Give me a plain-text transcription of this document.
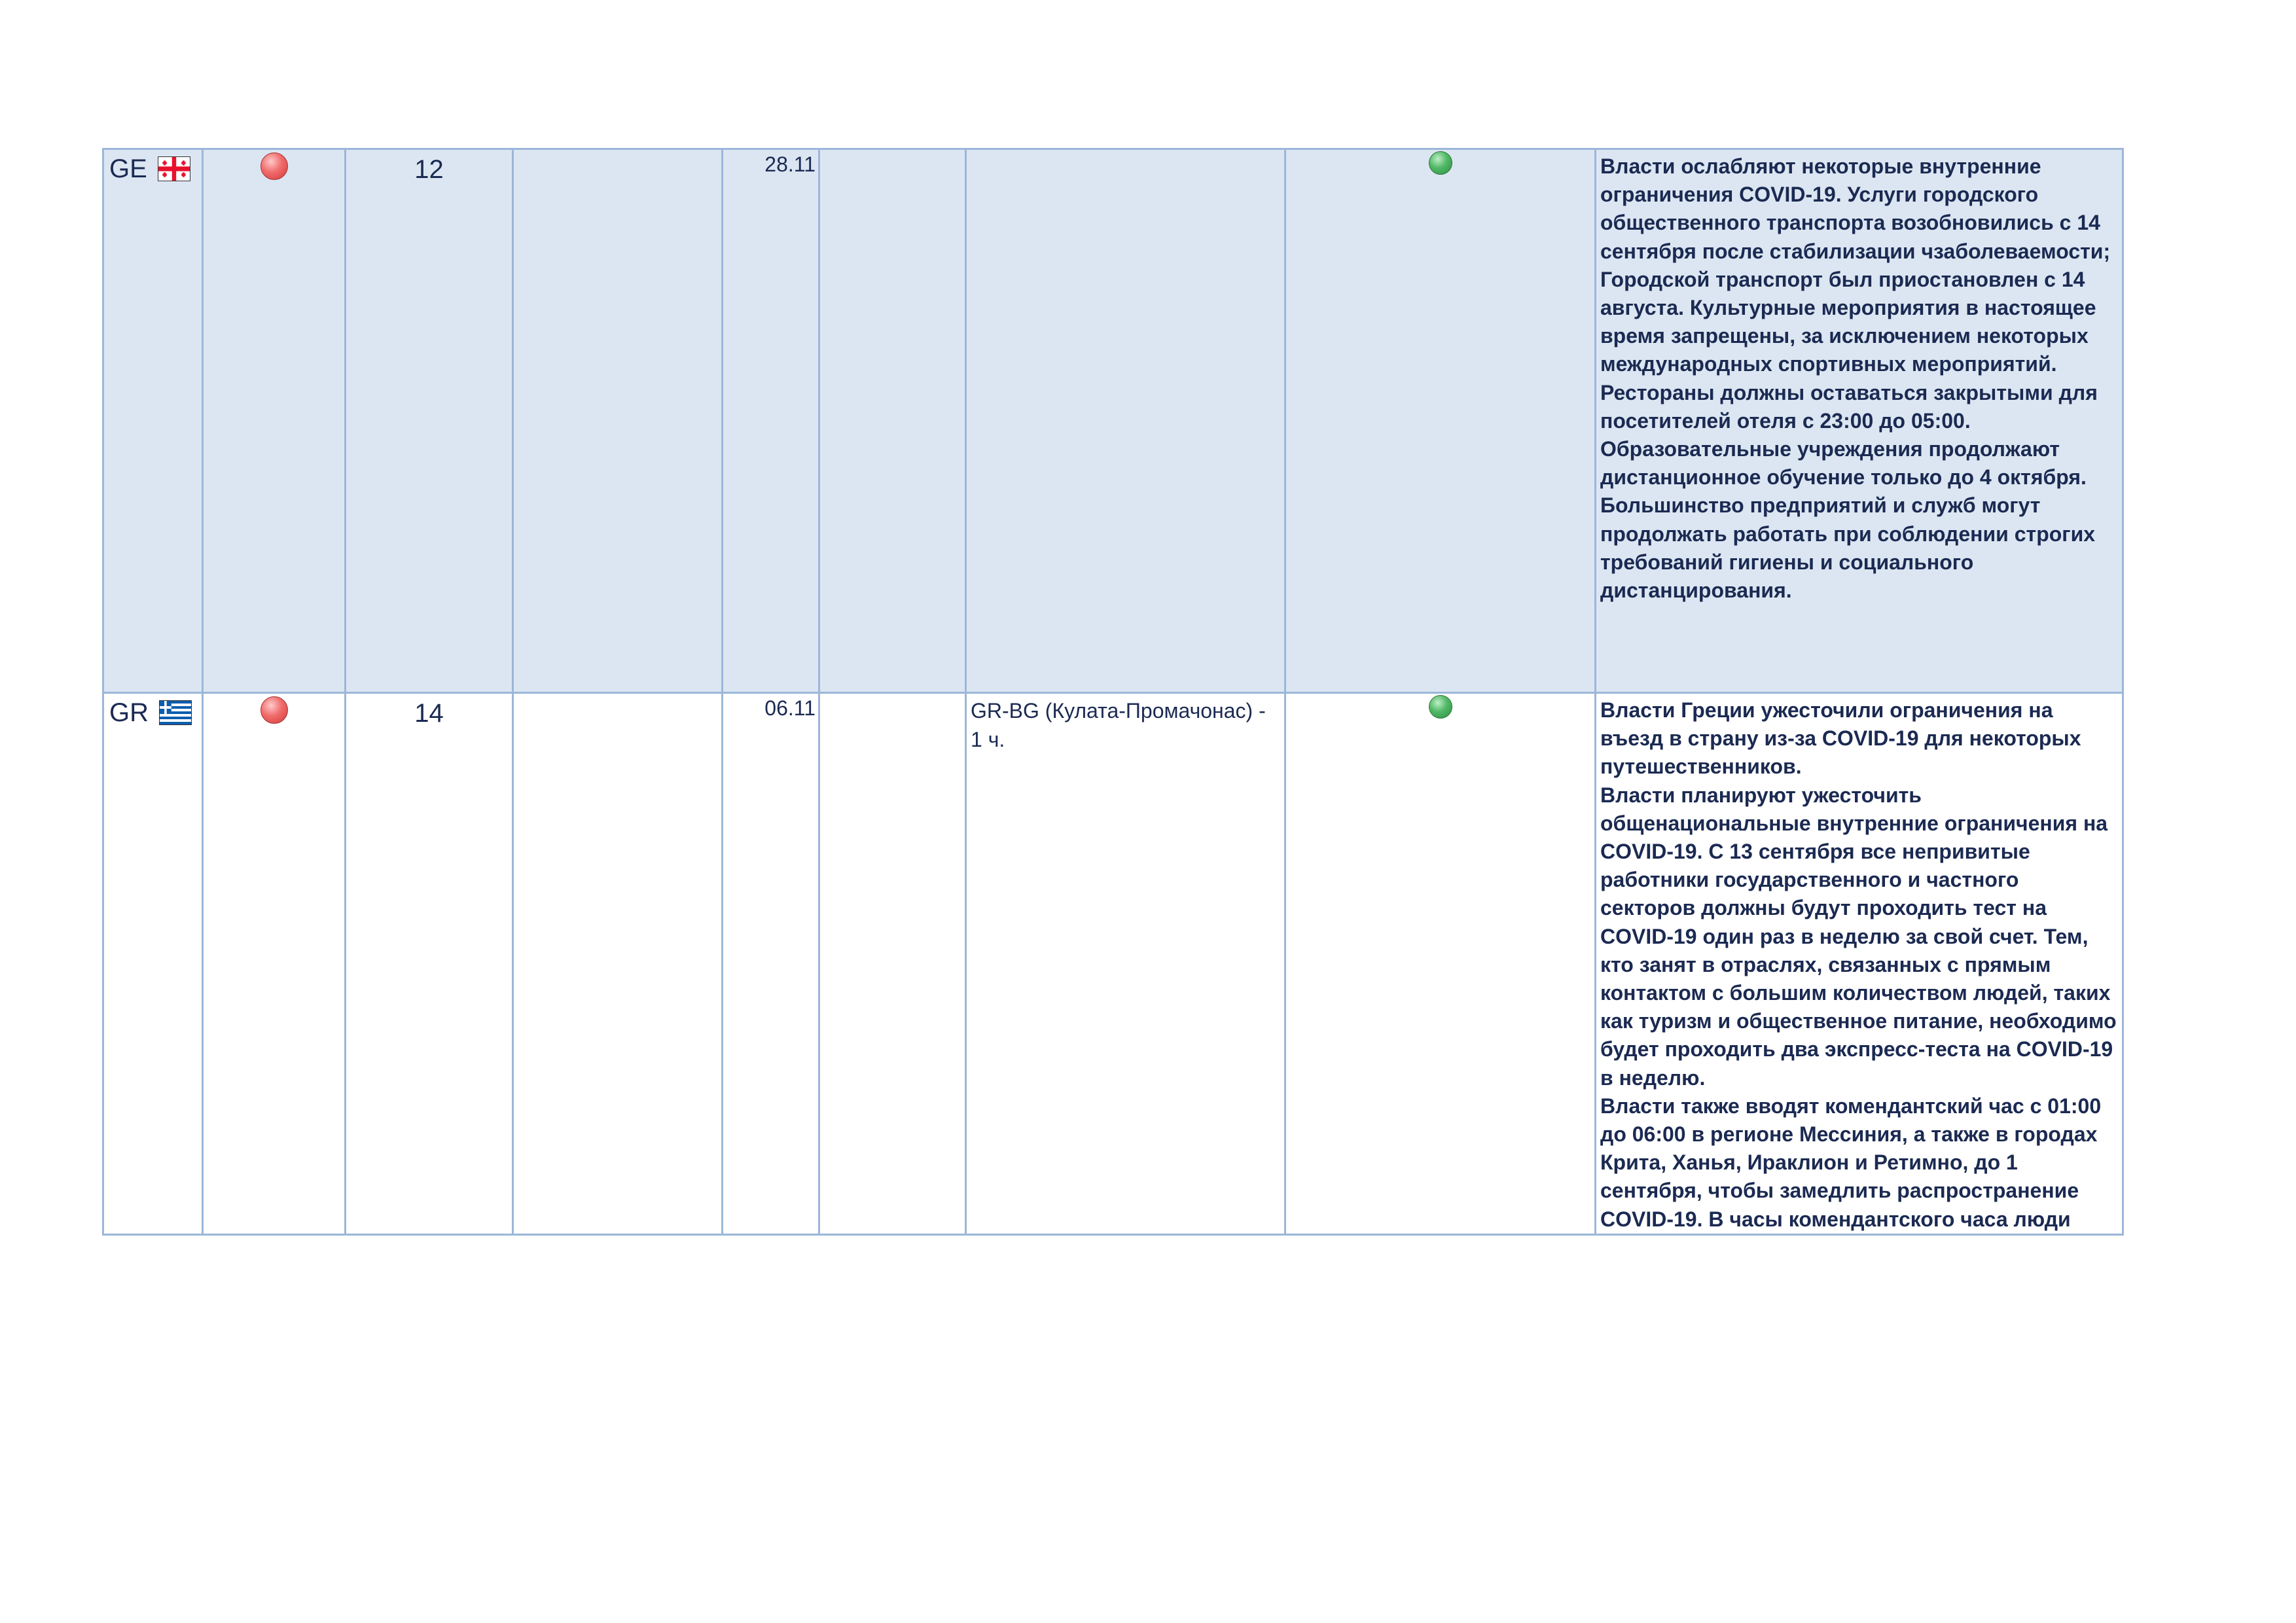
GE		12		28.11				Власти ослабляют некоторые внутренние ограничения COVID-19. Услуги городского общественного транспорта возобновились с 14 сентября после стабилизации чзаболеваемости; Городской транспорт был приостановлен с 14 августа. Культурные мероприятия в настоящее время запрещены, за исключением некоторых международных спортивных мероприятий. Рестораны должны оставаться закрытыми для посетителей отеля с 23:00 до 05:00. Образовательные учреждения продолжают дистанционное обучение только до 4 октября. Большинство предприятий и служб могут продолжать работать при соблюдении строгих требований гигиены и социального дистанцирования.

GR		14		06.11		GR-BG (Кулата-Промачонас) - 1 ч.		Власти Греции ужесточили ограничения на въезд в страну из-за COVID-19 для некоторых путешественников.

Власти планируют ужесточить общенациональные внутренние ограничения на COVID-19. С 13 сентября все непривитые работники государственного и частного секторов должны будут проходить тест на COVID-19 один раз в неделю за свой счет. Тем, кто занят в отраслях, связанных с прямым контактом с большим количеством людей, таких как туризм и общественное питание, необходимо будет проходить два экспресс-теста на COVID-19 в неделю.

Власти также вводят комендантский час с 01:00 до 06:00 в регионе Мессиния, а также в городах Крита, Ханья, Ираклион и Ретимно, до 1 сентября, чтобы замедлить распространение COVID-19. В часы комендантского часа люди
